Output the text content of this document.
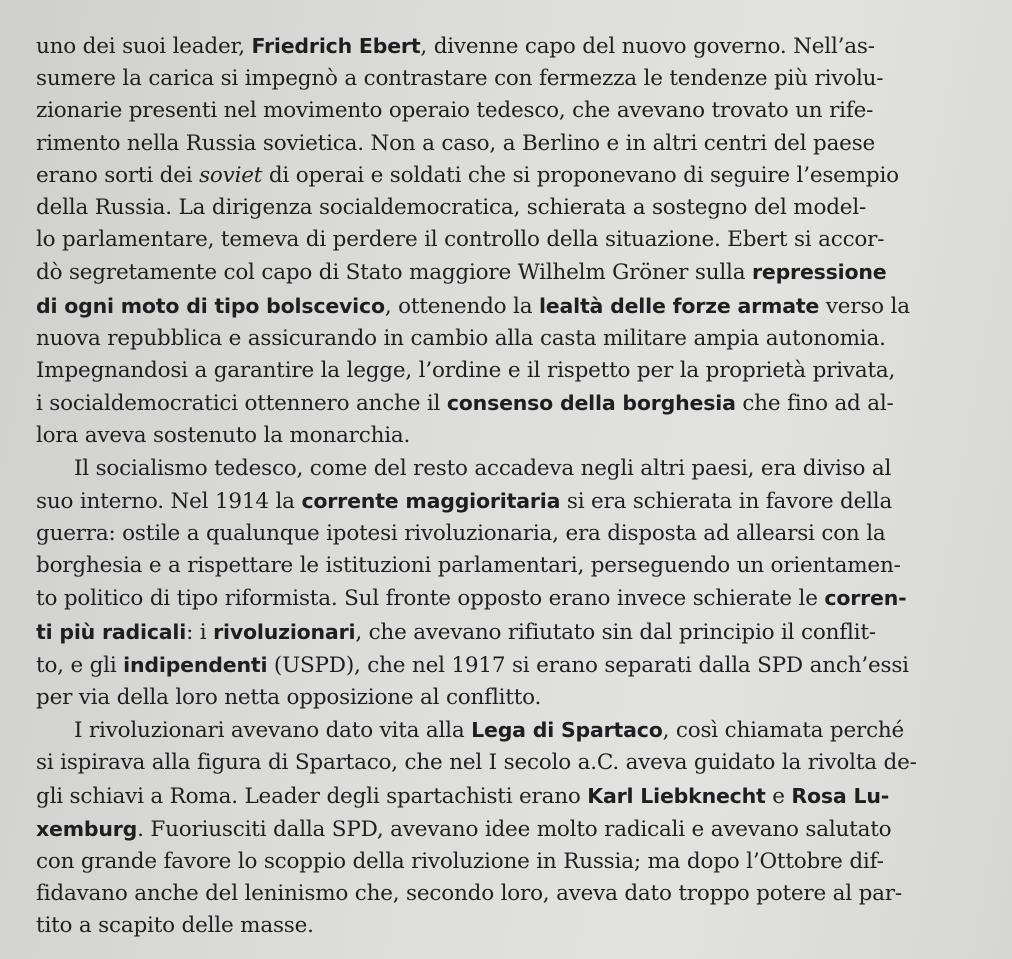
uno dei suoi leader, Friedrich Ebert, divenne capo del nuovo governo. Nell’as-
sumere la carica si impegnò a contrastare con fermezza le tendenze più rivolu-
zionarie presenti nel movimento operaio tedesco, che avevano trovato un rife-
rimento nella Russia sovietica. Non a caso, a Berlino e in altri centri del paese
erano sorti dei soviet di operai e soldati che si proponevano di seguire l’esempio
della Russia. La dirigenza socialdemocratica, schierata a sostegno del model-
lo parlamentare, temeva di perdere il controllo della situazione. Ebert si accor-
dò segretamente col capo di Stato maggiore Wilhelm Gröner sulla repressione
di ogni moto di tipo bolscevico, ottenendo la lealtà delle forze armate verso la
nuova repubblica e assicurando in cambio alla casta militare ampia autonomia.
Impegnandosi a garantire la legge, l’ordine e il rispetto per la proprietà privata,
i socialdemocratici ottennero anche il consenso della borghesia che fino ad al-
lora aveva sostenuto la monarchia.
Il socialismo tedesco, come del resto accadeva negli altri paesi, era diviso al
suo interno. Nel 1914 la corrente maggioritaria si era schierata in favore della
guerra: ostile a qualunque ipotesi rivoluzionaria, era disposta ad allearsi con la
borghesia e a rispettare le istituzioni parlamentari, perseguendo un orientamen-
to politico di tipo riformista. Sul fronte opposto erano invece schierate le corren-
ti più radicali: i rivoluzionari, che avevano rifiutato sin dal principio il conflit-
to, e gli indipendenti (USPD), che nel 1917 si erano separati dalla SPD anch’essi
per via della loro netta opposizione al conflitto.
I rivoluzionari avevano dato vita alla Lega di Spartaco, così chiamata perché
si ispirava alla figura di Spartaco, che nel I secolo a.C. aveva guidato la rivolta de-
gli schiavi a Roma. Leader degli spartachisti erano Karl Liebknecht e Rosa Lu-
xemburg. Fuoriusciti dalla SPD, avevano idee molto radicali e avevano salutato
con grande favore lo scoppio della rivoluzione in Russia; ma dopo l’Ottobre dif-
fidavano anche del leninismo che, secondo loro, aveva dato troppo potere al par-
tito a scapito delle masse.
